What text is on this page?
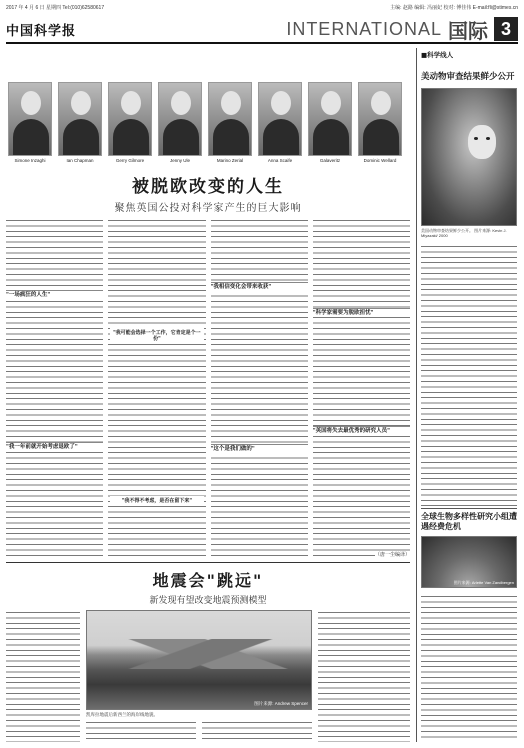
2017 年 4 月 6 日 星期四 Tel:(010)62580617	主编: 赵路 编辑: 冯丽妃 校对: 傅佳伟 E-mail:fli@stimes.cn
中国科学报	INTERNATIONAL 国际 3
Simone Inzaghi	Ian Chapman	Gerry Gilmore	Jenny Ule	Marino Zerial	Anna Scaife	Galaveritz	Dominic Wellard
被脱欧改变的人生
聚焦英国公投对科学家产生的巨大影响
"一场疯狂的人生"
"我一年前就开始考虑退欧了"
"我可能会选择一个工作，它肯定是个一份"
"我不得不考虑，是否在留下来"
"我相信变化会带来收获"
"这个是我们做的"
"科学家需要为脱欧担忧"
"英国将失去最优秀的研究人员"
（唐一尘编译）
地震会"跳远"
新发现有望改变地震预测模型
图片来源: Andrew Spencer
凯库拉地震后新西兰的海岸线地貌。
■科学线人
美动物审查结果鲜少公开
美国动物审查结果鲜少公开。 图片来源: Kevin J. Miyazaki/ 2000
全球生物多样性研究小组遭遇经费危机
图片来源: Arlette Van Zandbergen
